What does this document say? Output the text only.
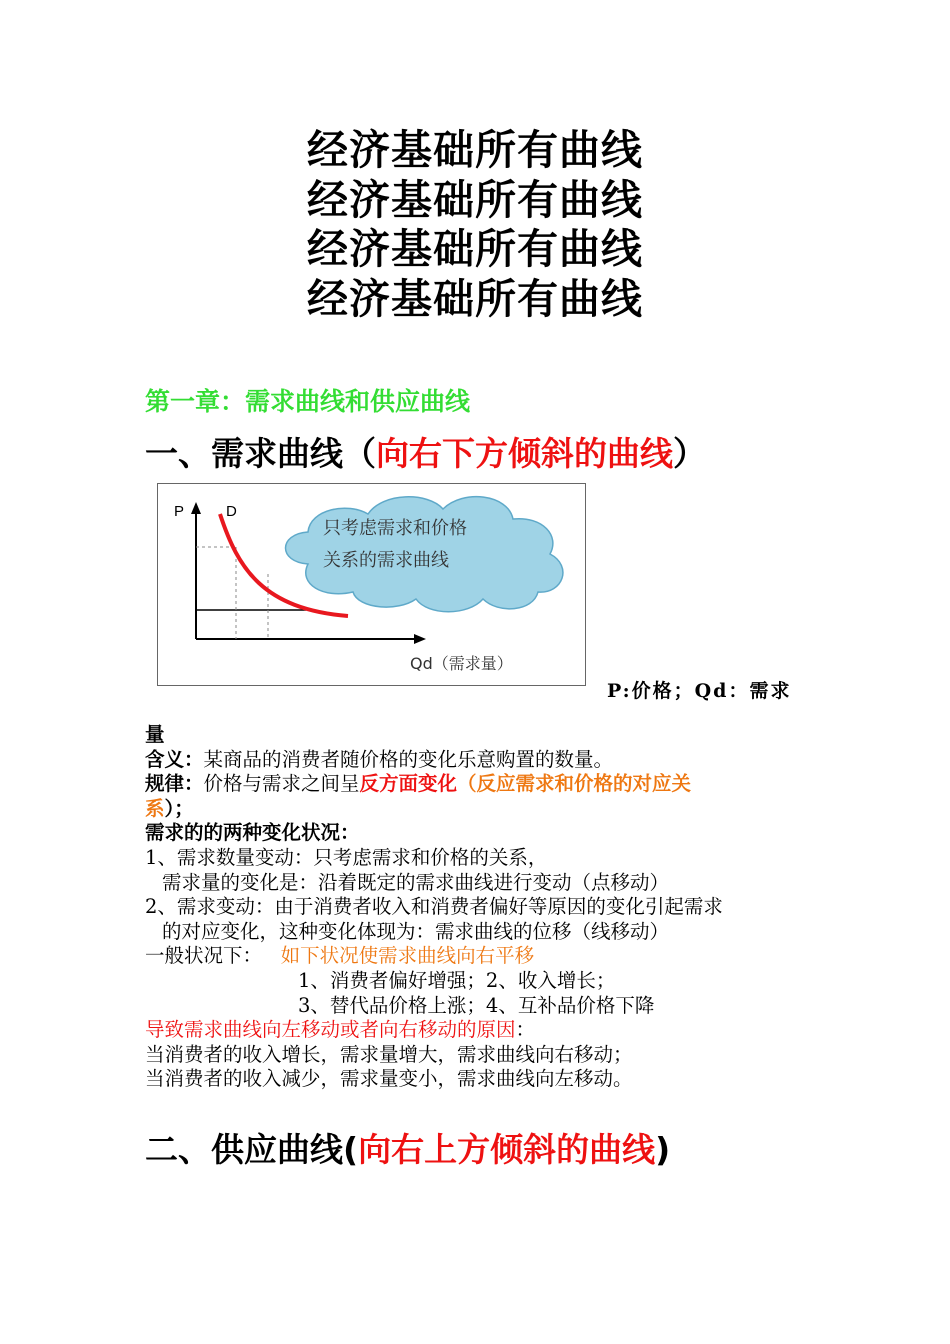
经济基础所有曲线
经济基础所有曲线
经济基础所有曲线
经济基础所有曲线
第一章：需求曲线和供应曲线
一、需求曲线（向右下方倾斜的曲线）
P	D
只考虑需求和价格
关系的需求曲线
Qd（需求量）
P:价格；Qd：需求

量

含义：某商品的消费者随价格的变化乐意购置的数量。

规律：价格与需求之间呈反方面变化（反应需求和价格的对应关

系）；

需求的的两种变化状况：

1、需求数量变动：只考虑需求和价格的关系，

需求量的变化是：沿着既定的需求曲线进行变动（点移动）

2、需求变动：由于消费者收入和消费者偏好等原因的变化引起需求

的对应变化，这种变化体现为：需求曲线的位移（线移动）

一般状况下： 如下状况使需求曲线向右平移

1、消费者偏好增强；2、收入增长；

3、替代品价格上涨；4、互补品价格下降

导致需求曲线向左移动或者向右移动的原因：

当消费者的收入增长，需求量增大，需求曲线向右移动；

当消费者的收入减少，需求量变小，需求曲线向左移动。

二、供应曲线(向右上方倾斜的曲线)
